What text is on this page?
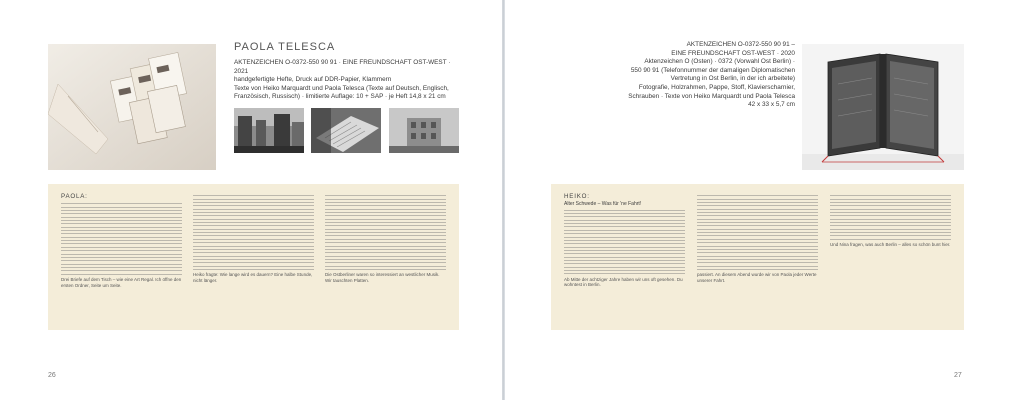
PAOLA TELESCA
AKTENZEICHEN O-0372-550 90 91 · EINE FREUNDSCHAFT OST-WEST · 2021
handgefertigte Hefte, Druck auf DDR-Papier, Klammern
Texte von Heiko Marquardt und Paola Telesca (Texte auf Deutsch, Englisch,
Französisch, Russisch) · limitierte Auflage: 10 + SAP · je Heft 14,8 x 21 cm
PAOLA:

Drei Briefe auf dem Tisch – wie eine Art Regal. Ich öffne den ersten Ordner, Seite um Seite.

Heiko fragte: Wie lange wird es dauern? Eine halbe Stunde, nicht länger.

Die Ostberliner waren so interessiert an westlicher Musik. Wir tauschten Platten.

26
AKTENZEICHEN O-0372-550 90 91 –
EINE FREUNDSCHAFT OST-WEST · 2020
Aktenzeichen O (Osten) · 0372 (Vorwahl Ost Berlin) ·
550 90 91 (Telefonnummer der damaligen Diplomatischen
Vertretung in Ost Berlin, in der ich arbeitete)
Fotografie, Holzrahmen, Pappe, Stoff, Klavierscharnier,
Schrauben · Texte von Heiko Marquardt und Paola Telesca
42 x 33 x 5,7 cm
HEIKO:
Alter Schwede – Was für 'ne Fahrt!

Ab Mitte der achtziger Jahre haben wir uns oft gesehen. Du wohntest in Berlin.

passiert. An diesem Abend wurde wir von Paola jeder Werte unserer Fahrt.

Und Nina fragen, was auch Berlin – alles so schön bunt hier.

27
